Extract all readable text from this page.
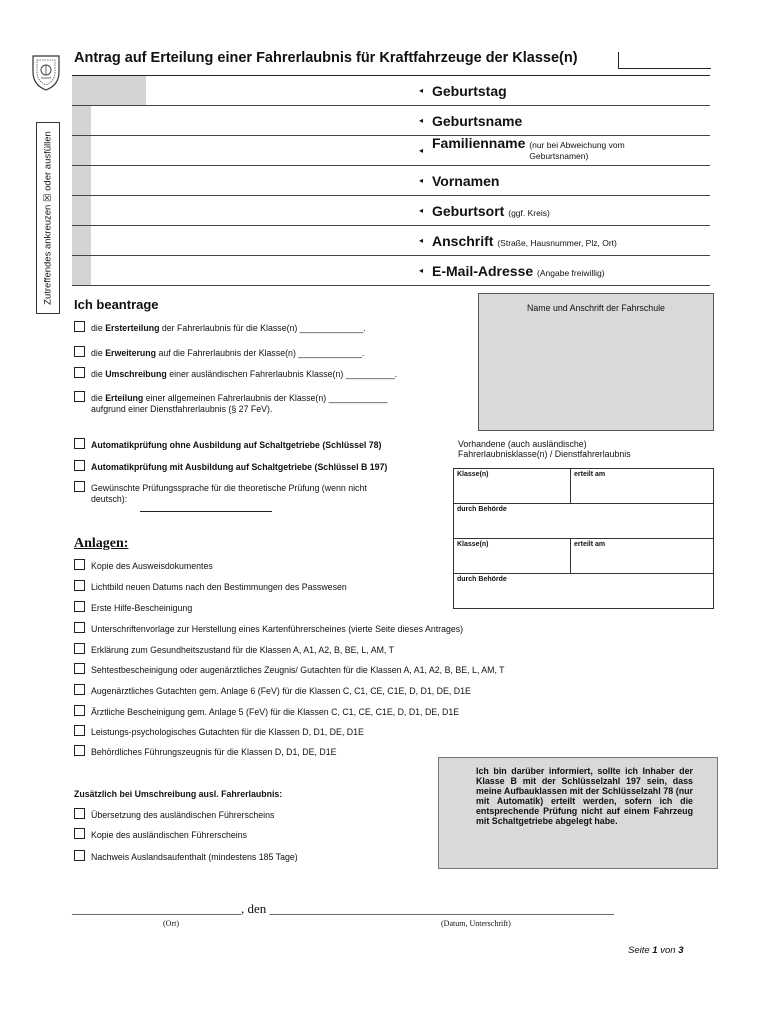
Antrag auf Erteilung einer Fahrerlaubnis für Kraftfahrzeuge der Klasse(n)
Zutreffendes ankreuzen ☒ oder ausfüllen
◂ Geburtstag
◂ Geburtsname
◂ Familienname (nur bei Abweichung vom Geburtsnamen)
◂ Vornamen
◂ Geburtsort (ggf. Kreis)
◂ Anschrift (Straße, Hausnummer, Plz, Ort)
◂ E-Mail-Adresse (Angabe freiwillig)
Ich beantrage
die Ersterteilung der Fahrerlaubnis für die Klasse(n) _____________.
die Erweiterung auf die Fahrerlaubnis der Klasse(n) _____________.
die Umschreibung einer ausländischen Fahrerlaubnis Klasse(n) __________.
die Erteilung einer allgemeinen Fahrerlaubnis der Klasse(n) ____________
aufgrund einer Dienstfahrerlaubnis (§ 27 FeV).
Automatikprüfung ohne Ausbildung auf Schaltgetriebe (Schlüssel 78)
Automatikprüfung mit Ausbildung auf Schaltgetriebe (Schlüssel B 197)
Gewünschte Prüfungssprache für die theoretische Prüfung (wenn nicht
deutsch):
Name und Anschrift der Fahrschule
Vorhandene (auch ausländische)
Fahrerlaubnisklasse(n) / Dienstfahrerlaubnis
Klasse(n)	erteilt am
durch Behörde	
Klasse(n)	erteilt am
durch Behörde	
Anlagen:
Kopie des Ausweisdokumentes
Lichtbild neuen Datums nach den Bestimmungen des Passwesen
Erste Hilfe-Bescheinigung
Unterschriftenvorlage zur Herstellung eines Kartenführerscheines (vierte Seite dieses Antrages)
Erklärung zum Gesundheitszustand für die Klassen A, A1, A2, B, BE, L, AM, T
Sehtestbescheinigung oder augenärztliches Zeugnis/ Gutachten für die Klassen A, A1, A2, B, BE, L, AM, T
Augenärztliches Gutachten gem. Anlage 6 (FeV) für die Klassen C, C1, CE, C1E, D, D1, DE, D1E
Ärztliche Bescheinigung gem. Anlage 5 (FeV) für die Klassen C, C1, CE, C1E, D, D1, DE, D1E
Leistungs-psychologisches Gutachten für die Klassen D, D1, DE, D1E
Behördliches Führungszeugnis für die Klassen D, D1, DE, D1E
Zusätzlich bei Umschreibung ausl. Fahrerlaubnis:
Übersetzung des ausländischen Führerscheins
Kopie des ausländischen Führerscheins
Nachweis Auslandsaufenthalt (mindestens 185 Tage)

Ich bin darüber informiert, sollte ich Inhaber der Klasse B mit der Schlüsselzahl 197 sein, dass meine Aufbauklassen mit der Schlüsselzahl 78 (nur mit Automatik) erteilt werden, sofern ich die entsprechende Prüfung nicht auf einem Fahrzeug mit Schaltgetriebe abgelegt habe.

__________________________, den _____________________________________________________
(Ort)	(Datum, Unterschrift)
Seite 1 von 3
